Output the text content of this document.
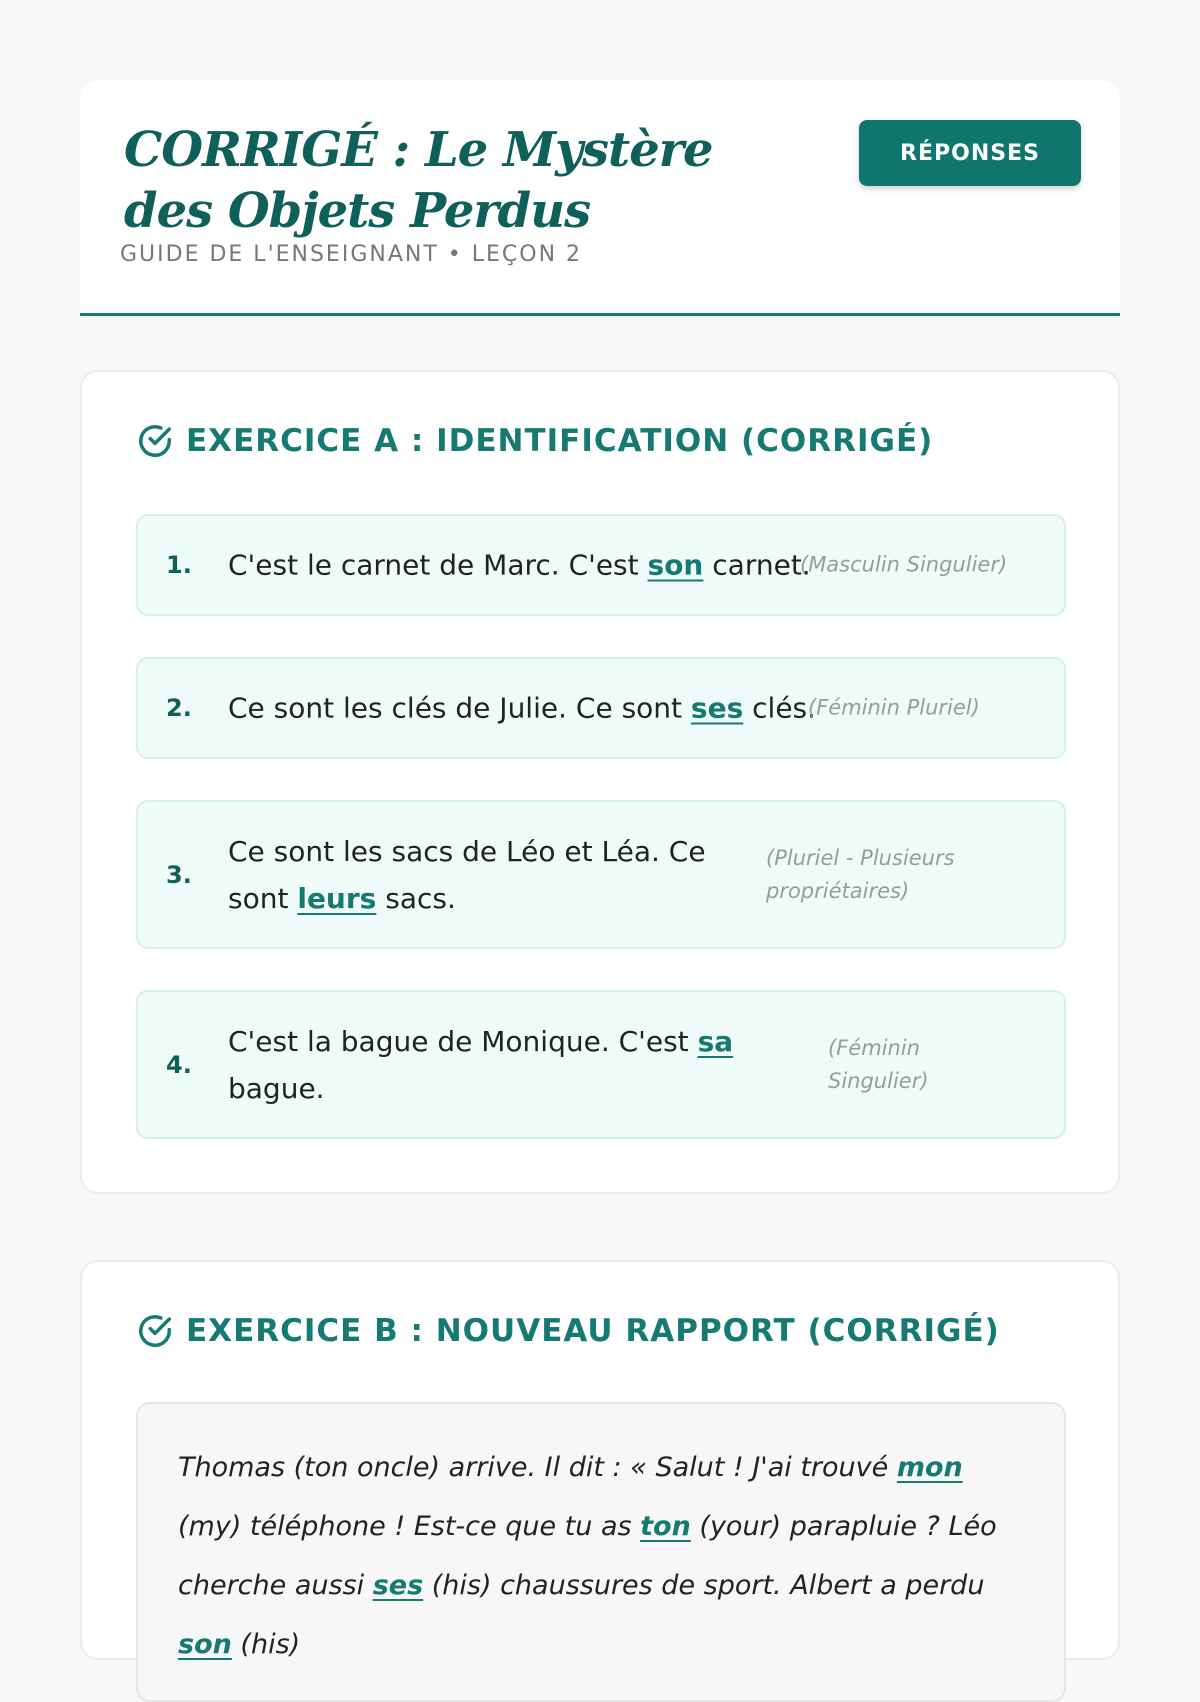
CORRIGÉ : Le Mystère des Objets Perdus
GUIDE DE L'ENSEIGNANT • LEÇON 2
RÉPONSES
EXERCICE A : IDENTIFICATION (CORRIGÉ)
1. C'est le carnet de Marc. C'est son carnet.
(Masculin Singulier)
2. Ce sont les clés de Julie. Ce sont ses clés.
(Féminin Pluriel)
3.
Ce sont les sacs de Léo et Léa. Ce sont leurs sacs.
(Pluriel - Plusieurs propriétaires)
4.
C'est la bague de Monique. C'est sa bague.
(Féminin Singulier)
EXERCICE B : NOUVEAU RAPPORT (CORRIGÉ)

Thomas (ton oncle) arrive. Il dit : « Salut ! J'ai trouvé mon (my) téléphone ! Est-ce que tu as ton (your) parapluie ? Léo cherche aussi ses (his) chaussures de sport. Albert a perdu son (his)
